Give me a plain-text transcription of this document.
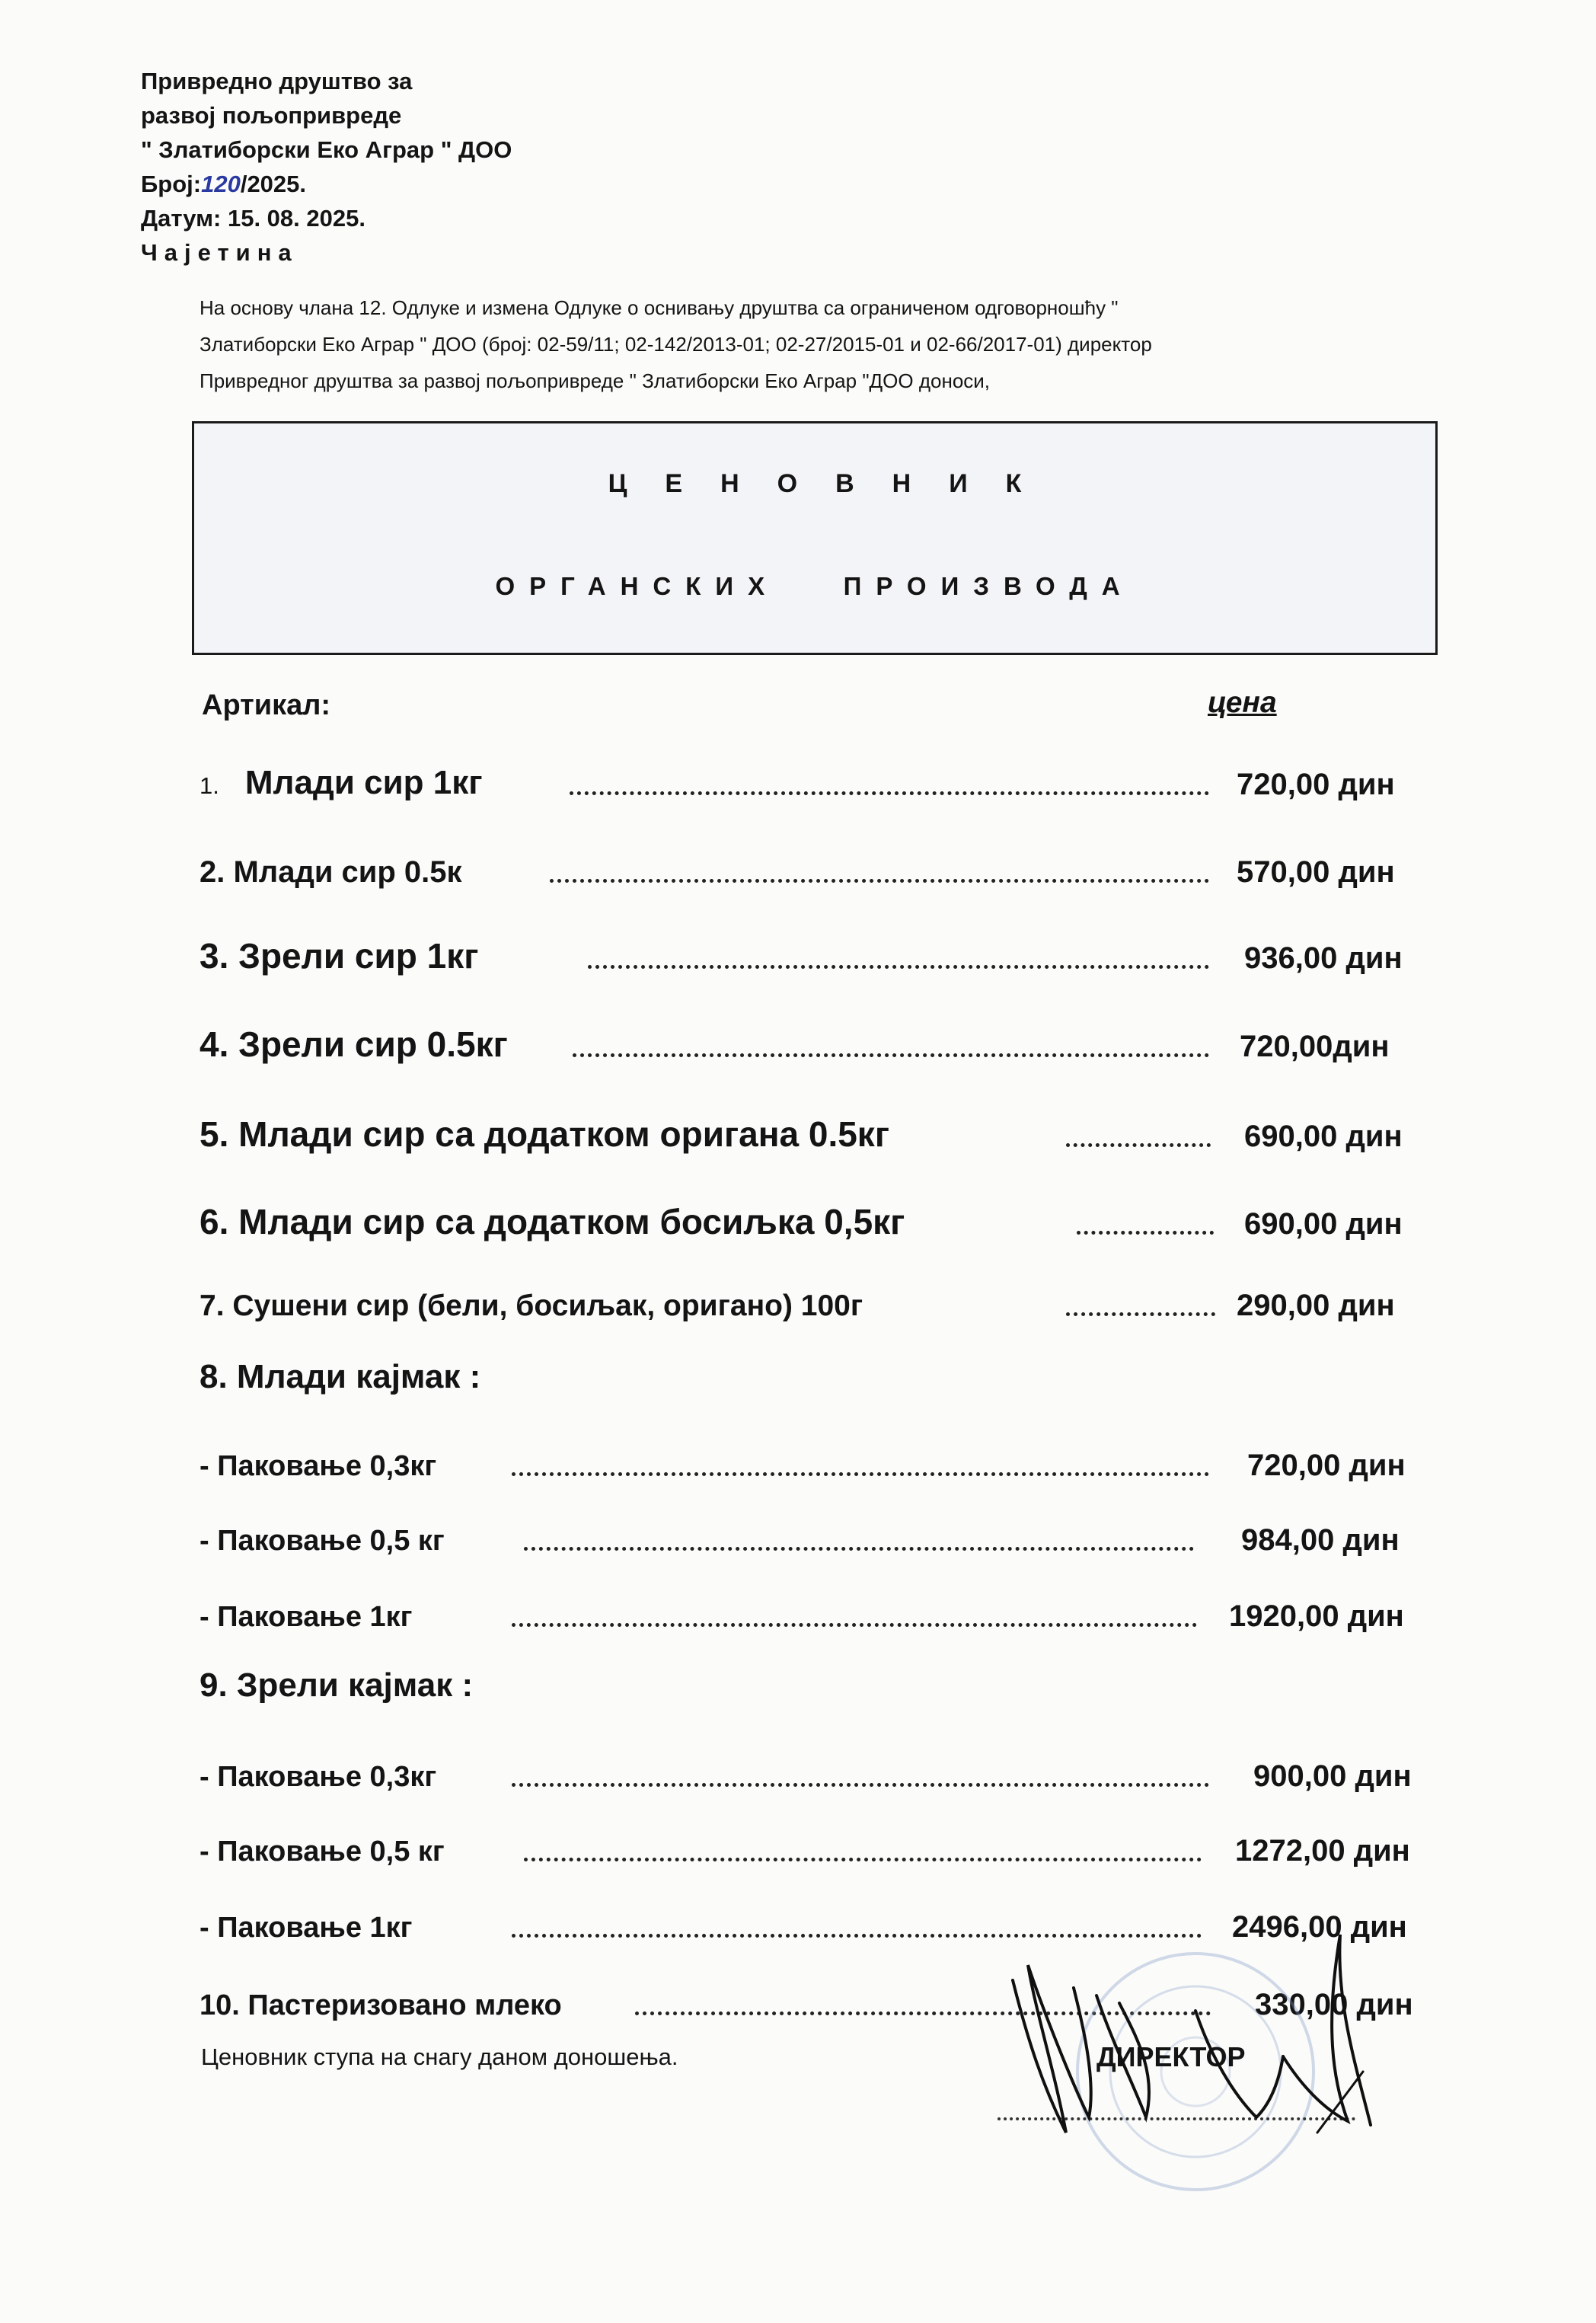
Привредно друштво за
развој пољопривреде
" Златиборски Еко Аграр " ДОО
Број:120/2025.
Датум: 15. 08. 2025.
Чајетина
На основу члана 12. Одлуке и измена Одлуке о оснивању друштва са ограниченом одговорношћу "
Златиборски Еко Аграр " ДОО (број: 02-59/11; 02-142/2013-01; 02-27/2015-01 и 02-66/2017-01) директор
Привредног друштва за развој пољопривреде " Златиборски Еко Аграр "ДОО доноси,
ЦЕНОВНИК
ОРГАНСКИХ   ПРОИЗВОДА
Артикал:	цена
1. Млади сир 1кг	720,00 дин
2. Млади сир 0.5к	570,00 дин
3. Зрели сир 1кг	936,00 дин
4. Зрели сир 0.5кг	720,00дин
5. Млади сир са додатком оригана 0.5кг	690,00 дин
6. Млади сир са додатком босиљка 0,5кг	690,00 дин
7. Сушени сир (бели, босиљак, оригано) 100г	290,00 дин
8. Млади кајмак :
- Паковање 0,3кг	720,00 дин
- Паковање 0,5 кг	984,00 дин
- Паковање 1кг	1920,00 дин
9. Зрели кајмак :
- Паковање 0,3кг	900,00 дин
- Паковање 0,5 кг	1272,00 дин
- Паковање 1кг	2496,00 дин
10. Пастеризовано млеко	330,00 дин
Ценовник ступа на снагу даном доношења.	ДИРЕКТОР
